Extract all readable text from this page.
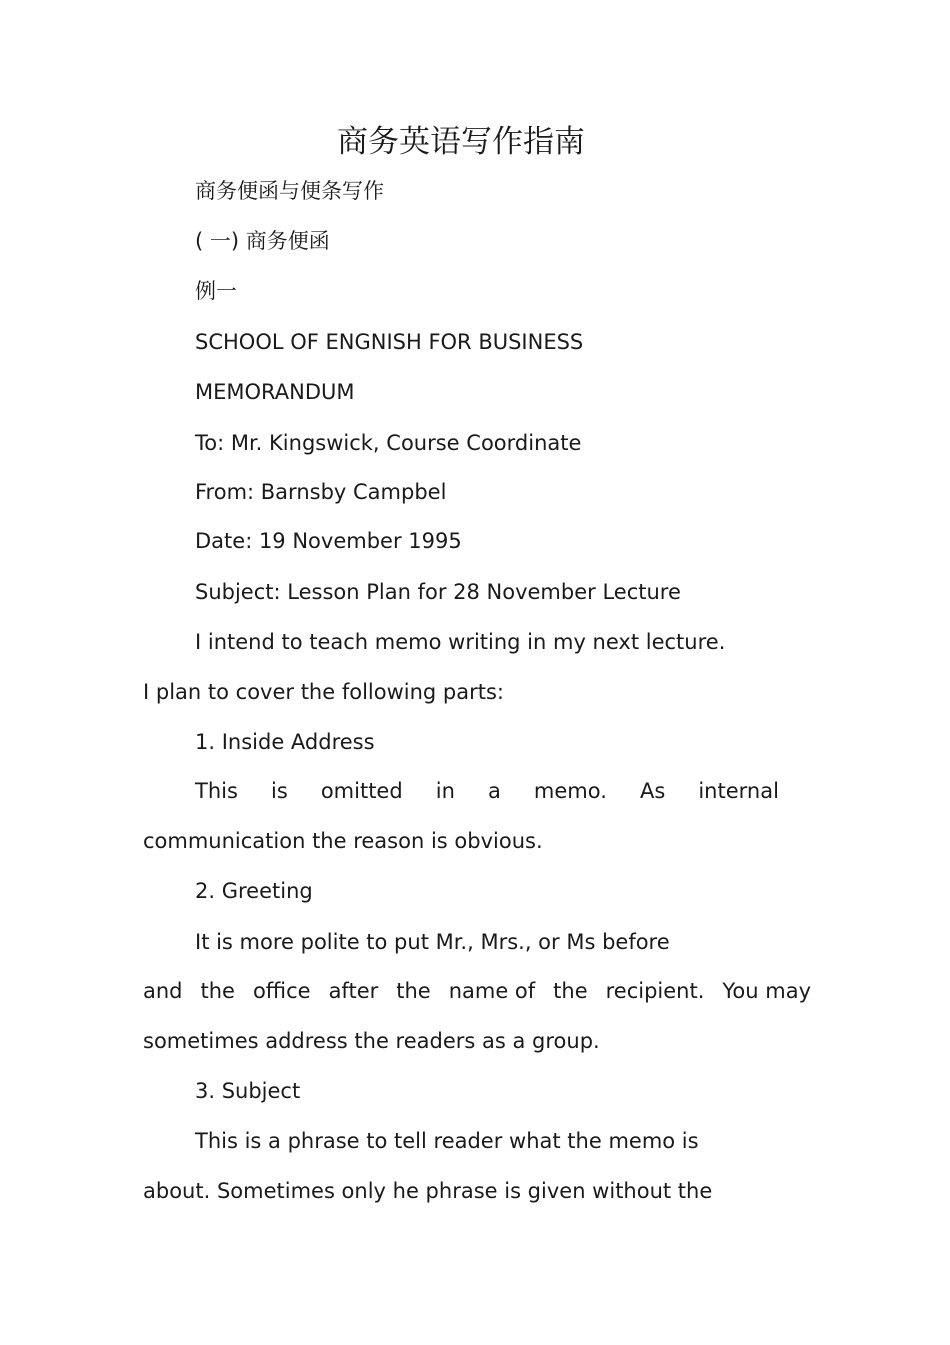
商务英语写作指南
商务便函与便条写作
( 一) 商务便函
例一
SCHOOL OF ENGNISH FOR BUSINESS
MEMORANDUM
To: Mr. Kingswick, Course Coordinate
From: Barnsby Campbel
Date: 19 November 1995
Subject: Lesson Plan for 28 November Lecture
I intend to teach memo writing in my next lecture.
I plan to cover the following parts:
1. Inside Address
This is omitted in a memo. As internal
communication the reason is obvious.
2. Greeting
It is more polite to put Mr., Mrs., or Ms before
and the office after the name of the recipient. You may
sometimes address the readers as a group.
3. Subject
This is a phrase to tell reader what the memo is
about. Sometimes only he phrase is given without the
